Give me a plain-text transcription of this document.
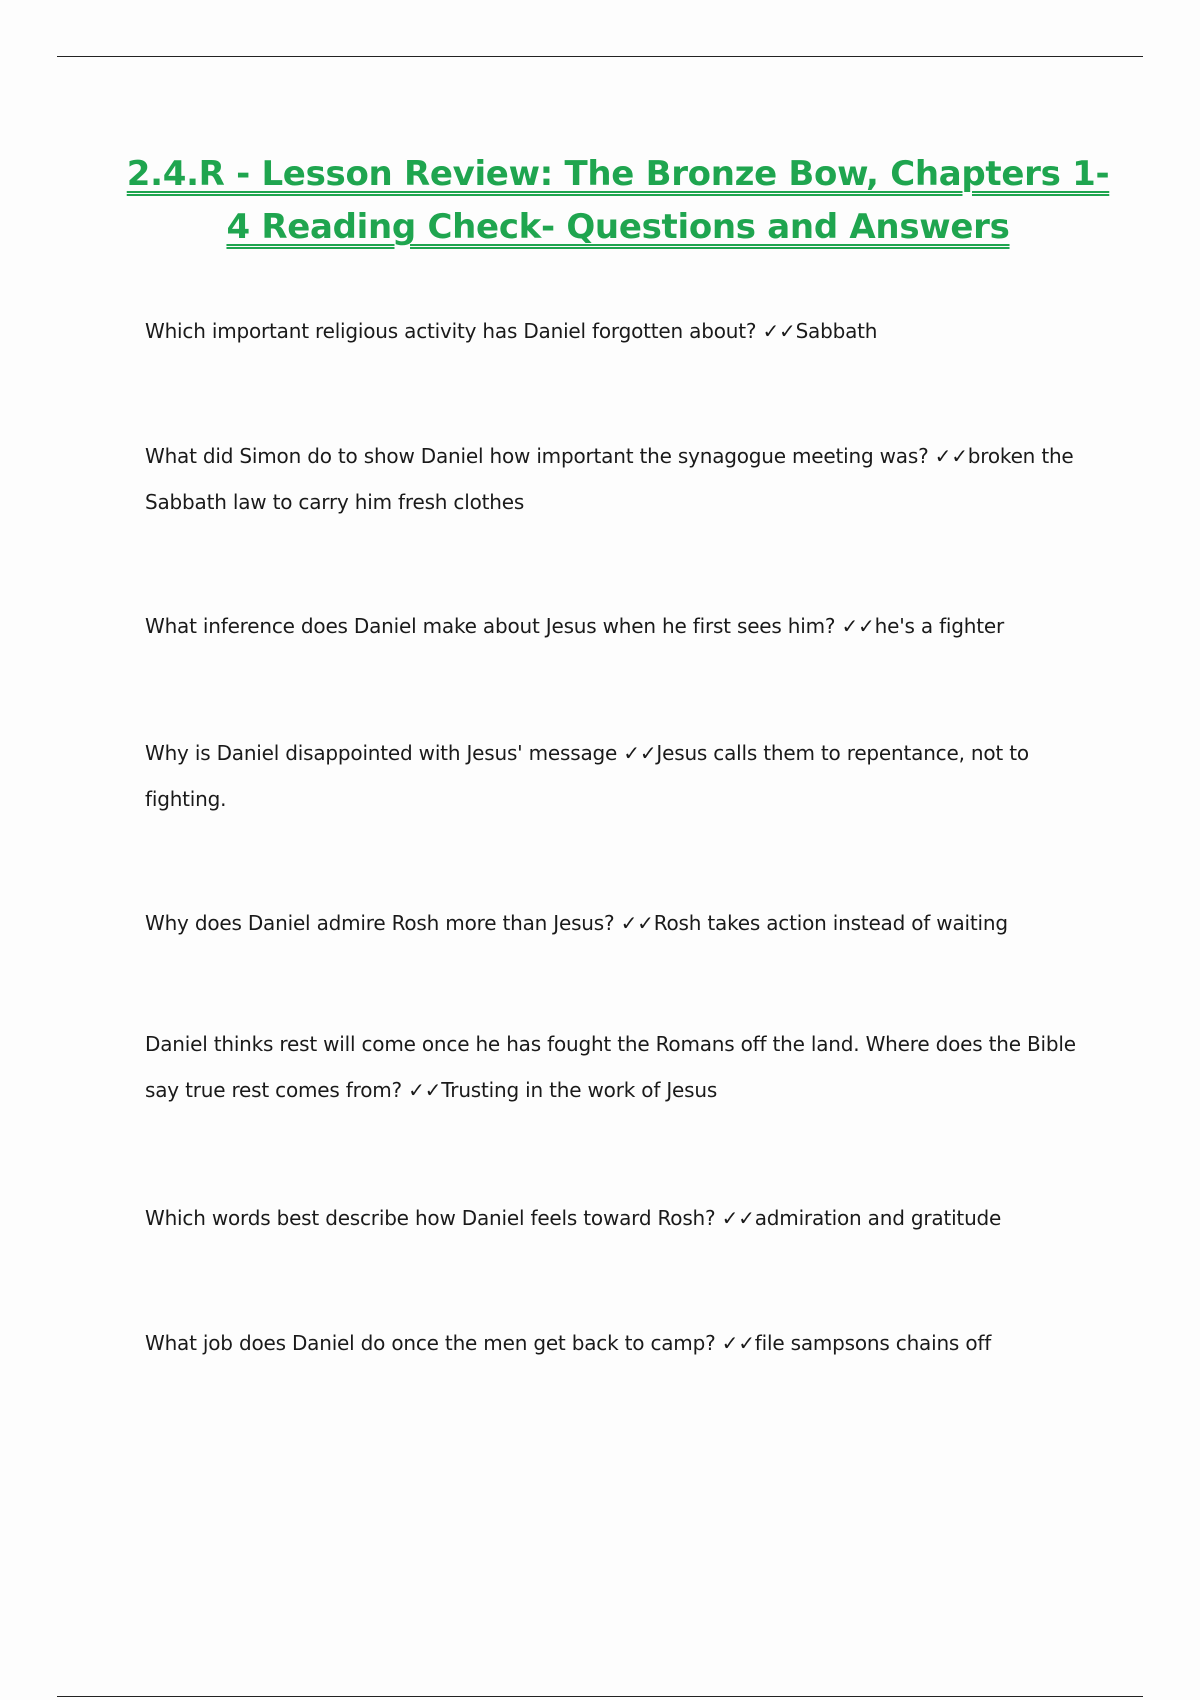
2.4.R - Lesson Review: The Bronze Bow, Chapters 1-4 Reading Check- Questions and Answers
Which important religious activity has Daniel forgotten about? ✓✓Sabbath
What did Simon do to show Daniel how important the synagogue meeting was? ✓✓broken the Sabbath law to carry him fresh clothes
What inference does Daniel make about Jesus when he first sees him? ✓✓he's a fighter
Why is Daniel disappointed with Jesus' message ✓✓Jesus calls them to repentance, not to fighting.
Why does Daniel admire Rosh more than Jesus? ✓✓Rosh takes action instead of waiting
Daniel thinks rest will come once he has fought the Romans off the land. Where does the Bible say true rest comes from? ✓✓Trusting in the work of Jesus
Which words best describe how Daniel feels toward Rosh? ✓✓admiration and gratitude
What job does Daniel do once the men get back to camp? ✓✓file sampsons chains off
